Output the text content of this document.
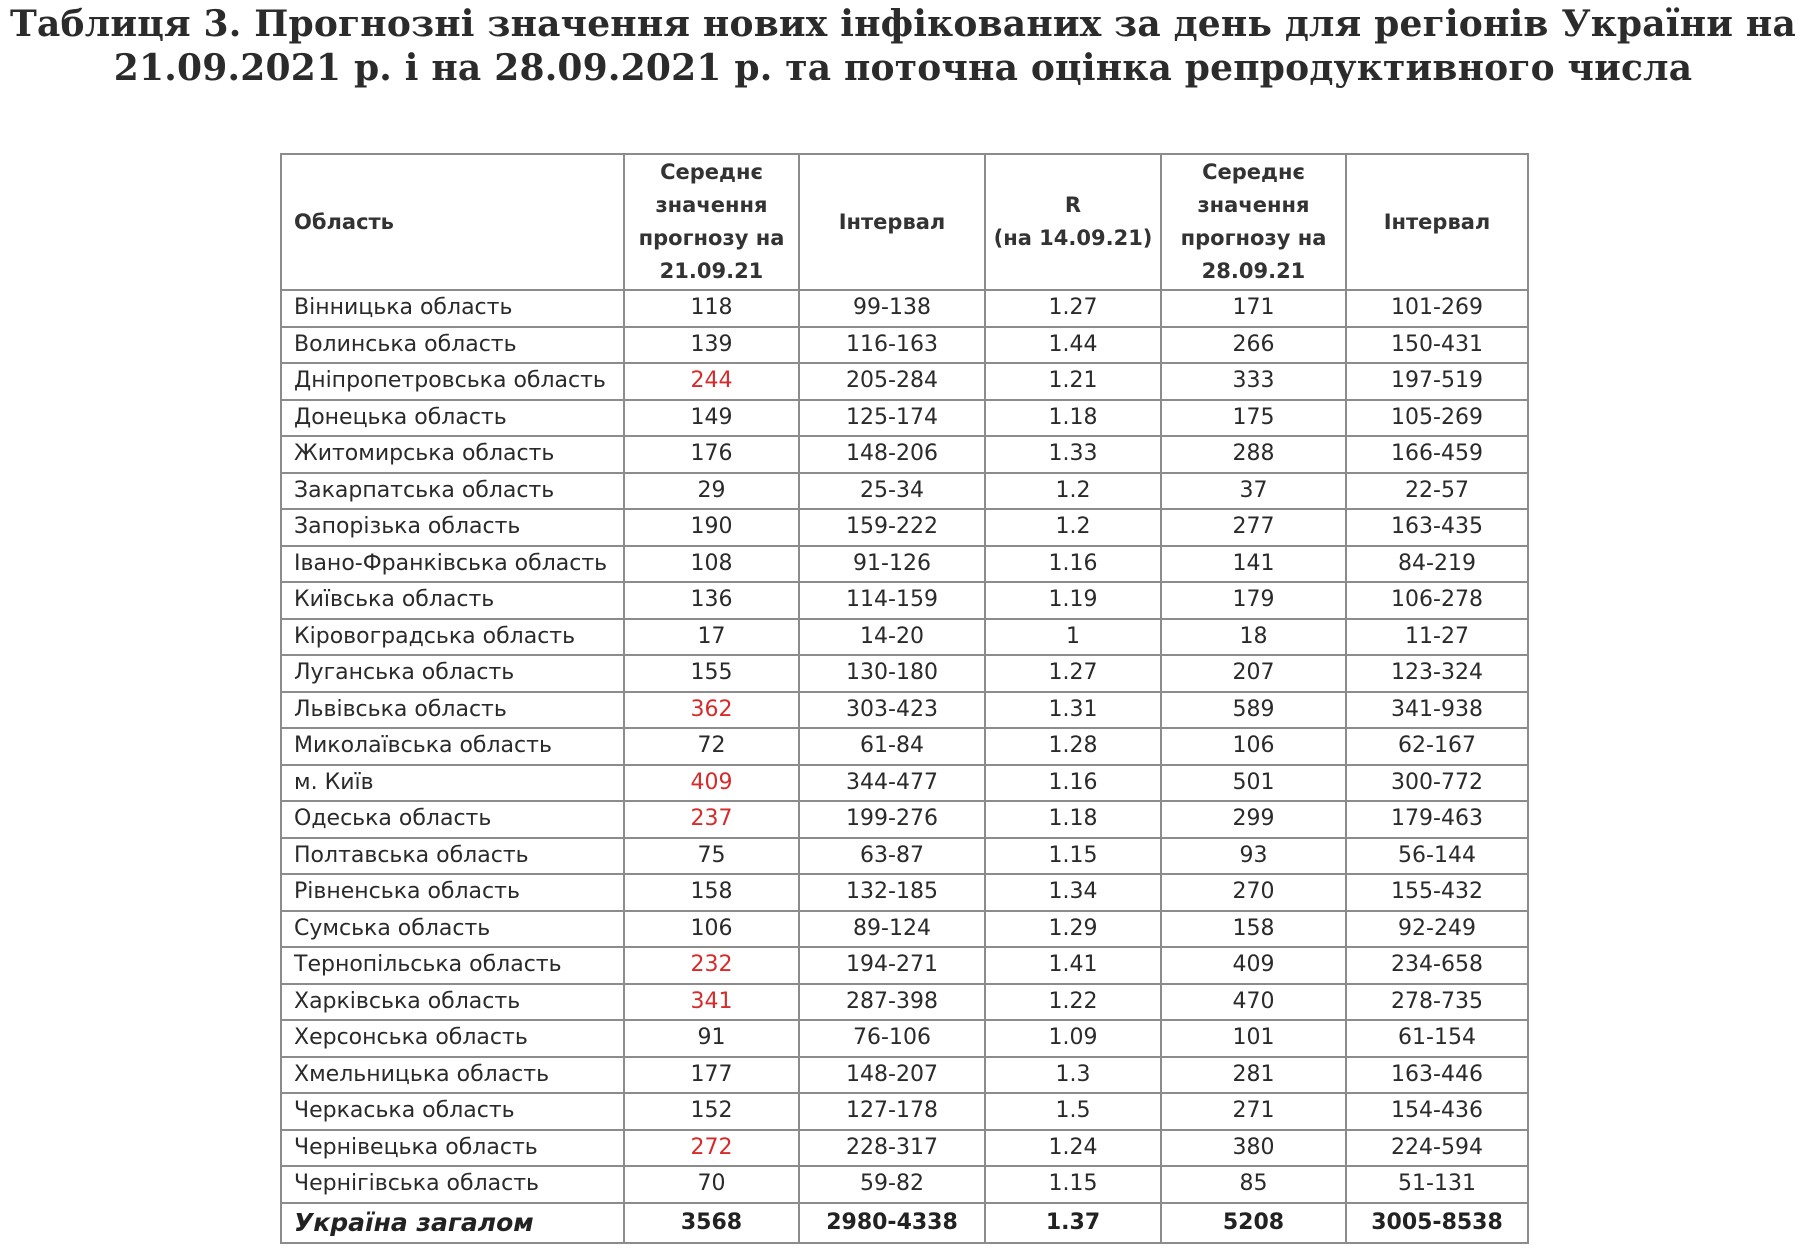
Таблиця 3. Прогнозні значення нових інфікованих за день для регіонів України на
21.09.2021 р. і на 28.09.2021 р. та поточна оцінка репродуктивного числа
Область	Середнє
значення
прогнозу на
21.09.21	Інтервал	R
(на 14.09.21)	Середнє
значення
прогнозу на
28.09.21	Інтервал
Вінницька область	118	99-138	1.27	171	101-269
Волинська область	139	116-163	1.44	266	150-431
Дніпропетровська область	244	205-284	1.21	333	197-519
Донецька область	149	125-174	1.18	175	105-269
Житомирська область	176	148-206	1.33	288	166-459
Закарпатська область	29	25-34	1.2	37	22-57
Запорізька область	190	159-222	1.2	277	163-435
Івано-Франківська область	108	91-126	1.16	141	84-219
Київська область	136	114-159	1.19	179	106-278
Кіровоградська область	17	14-20	1	18	11-27
Луганська область	155	130-180	1.27	207	123-324
Львівська область	362	303-423	1.31	589	341-938
Миколаївська область	72	61-84	1.28	106	62-167
м. Київ	409	344-477	1.16	501	300-772
Одеська область	237	199-276	1.18	299	179-463
Полтавська область	75	63-87	1.15	93	56-144
Рівненська область	158	132-185	1.34	270	155-432
Сумська область	106	89-124	1.29	158	92-249
Тернопільська область	232	194-271	1.41	409	234-658
Харківська область	341	287-398	1.22	470	278-735
Херсонська область	91	76-106	1.09	101	61-154
Хмельницька область	177	148-207	1.3	281	163-446
Черкаська область	152	127-178	1.5	271	154-436
Чернівецька область	272	228-317	1.24	380	224-594
Чернігівська область	70	59-82	1.15	85	51-131
Україна загалом	3568	2980-4338	1.37	5208	3005-8538
